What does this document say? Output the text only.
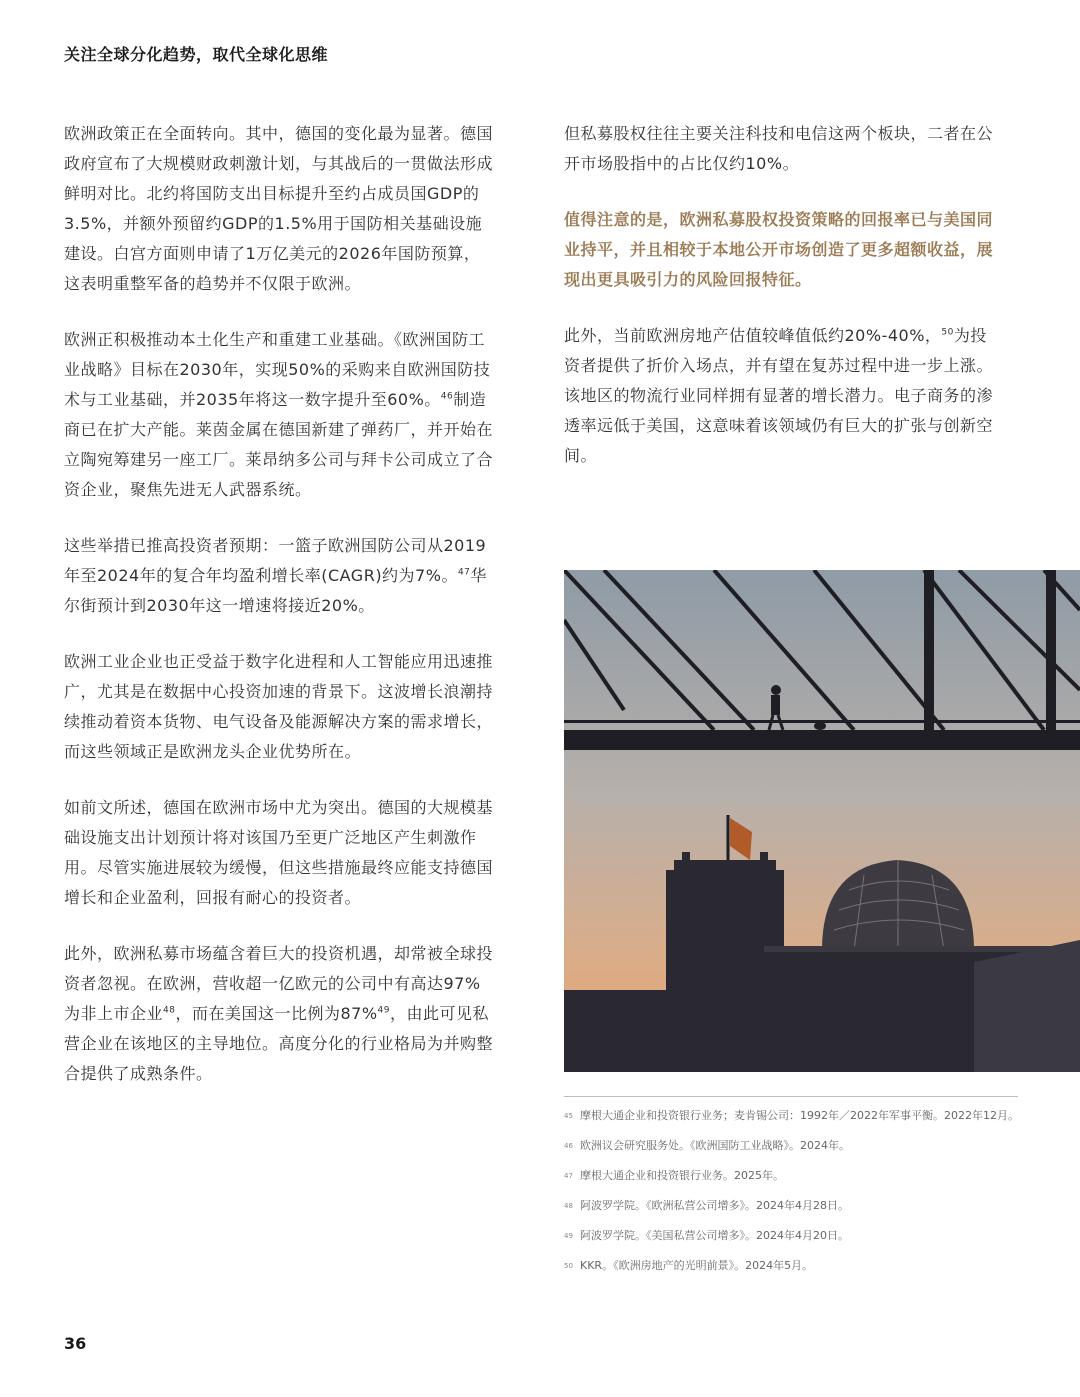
关注全球分化趋势，取代全球化思维

欧洲政策正在全面转向。其中，德国的变化最为显著。德国政府宣布了大规模财政刺激计划，与其战后的一贯做法形成鲜明对比。北约将国防支出目标提升至约占成员国GDP的3.5%，并额外预留约GDP的1.5%用于国防相关基础设施建设。白宫方面则申请了1万亿美元的2026年国防预算，这表明重整军备的趋势并不仅限于欧洲。

欧洲正积极推动本土化生产和重建工业基础。《欧洲国防工业战略》目标在2030年，实现50%的采购来自欧洲国防技术与工业基础，并2035年将这一数字提升至60%。$^{46}$制造商已在扩大产能。莱茵金属在德国新建了弹药厂，并开始在立陶宛筹建另一座工厂。莱昂纳多公司与拜卡公司成立了合资企业，聚焦先进无人武器系统。

这些举措已推高投资者预期：一篮子欧洲国防公司从2019年至2024年的复合年均盈利增长率(CAGR)约为7%。$^{47}$华尔街预计到2030年这一增速将接近20%。

欧洲工业企业也正受益于数字化进程和人工智能应用迅速推广，尤其是在数据中心投资加速的背景下。这波增长浪潮持续推动着资本货物、电气设备及能源解决方案的需求增长，而这些领域正是欧洲龙头企业优势所在。

如前文所述，德国在欧洲市场中尤为突出。德国的大规模基础设施支出计划预计将对该国乃至更广泛地区产生刺激作用。尽管实施进展较为缓慢，但这些措施最终应能支持德国增长和企业盈利，回报有耐心的投资者。

此外，欧洲私募市场蕴含着巨大的投资机遇，却常被全球投资者忽视。在欧洲，营收超一亿欧元的公司中有高达97%为非上市企业$^{48}$，而在美国这一比例为87%$^{49}$，由此可见私营企业在该地区的主导地位。高度分化的行业格局为并购整合提供了成熟条件。

但私募股权往往主要关注科技和电信这两个板块，二者在公开市场股指中的占比仅约10%。

值得注意的是，欧洲私募股权投资策略的回报率已与美国同业持平，并且相较于本地公开市场创造了更多超额收益，展现出更具吸引力的风险回报特征。

此外，当前欧洲房地产估值较峰值低约20%-40%，$^{50}$为投资者提供了折价入场点，并有望在复苏过程中进一步上涨。该地区的物流行业同样拥有显著的增长潜力。电子商务的渗透率远低于美国，这意味着该领域仍有巨大的扩张与创新空间。

45 摩根大通企业和投资银行业务；麦肯锡公司：1992年／2022年军事平衡。2022年12月。
46 欧洲议会研究服务处。《欧洲国防工业战略》。2024年。
47 摩根大通企业和投资银行业务。2025年。
48 阿波罗学院。《欧洲私营公司增多》。2024年4月28日。
49 阿波罗学院。《美国私营公司增多》。2024年4月20日。
50 KKR。《欧洲房地产的光明前景》。2024年5月。
36
